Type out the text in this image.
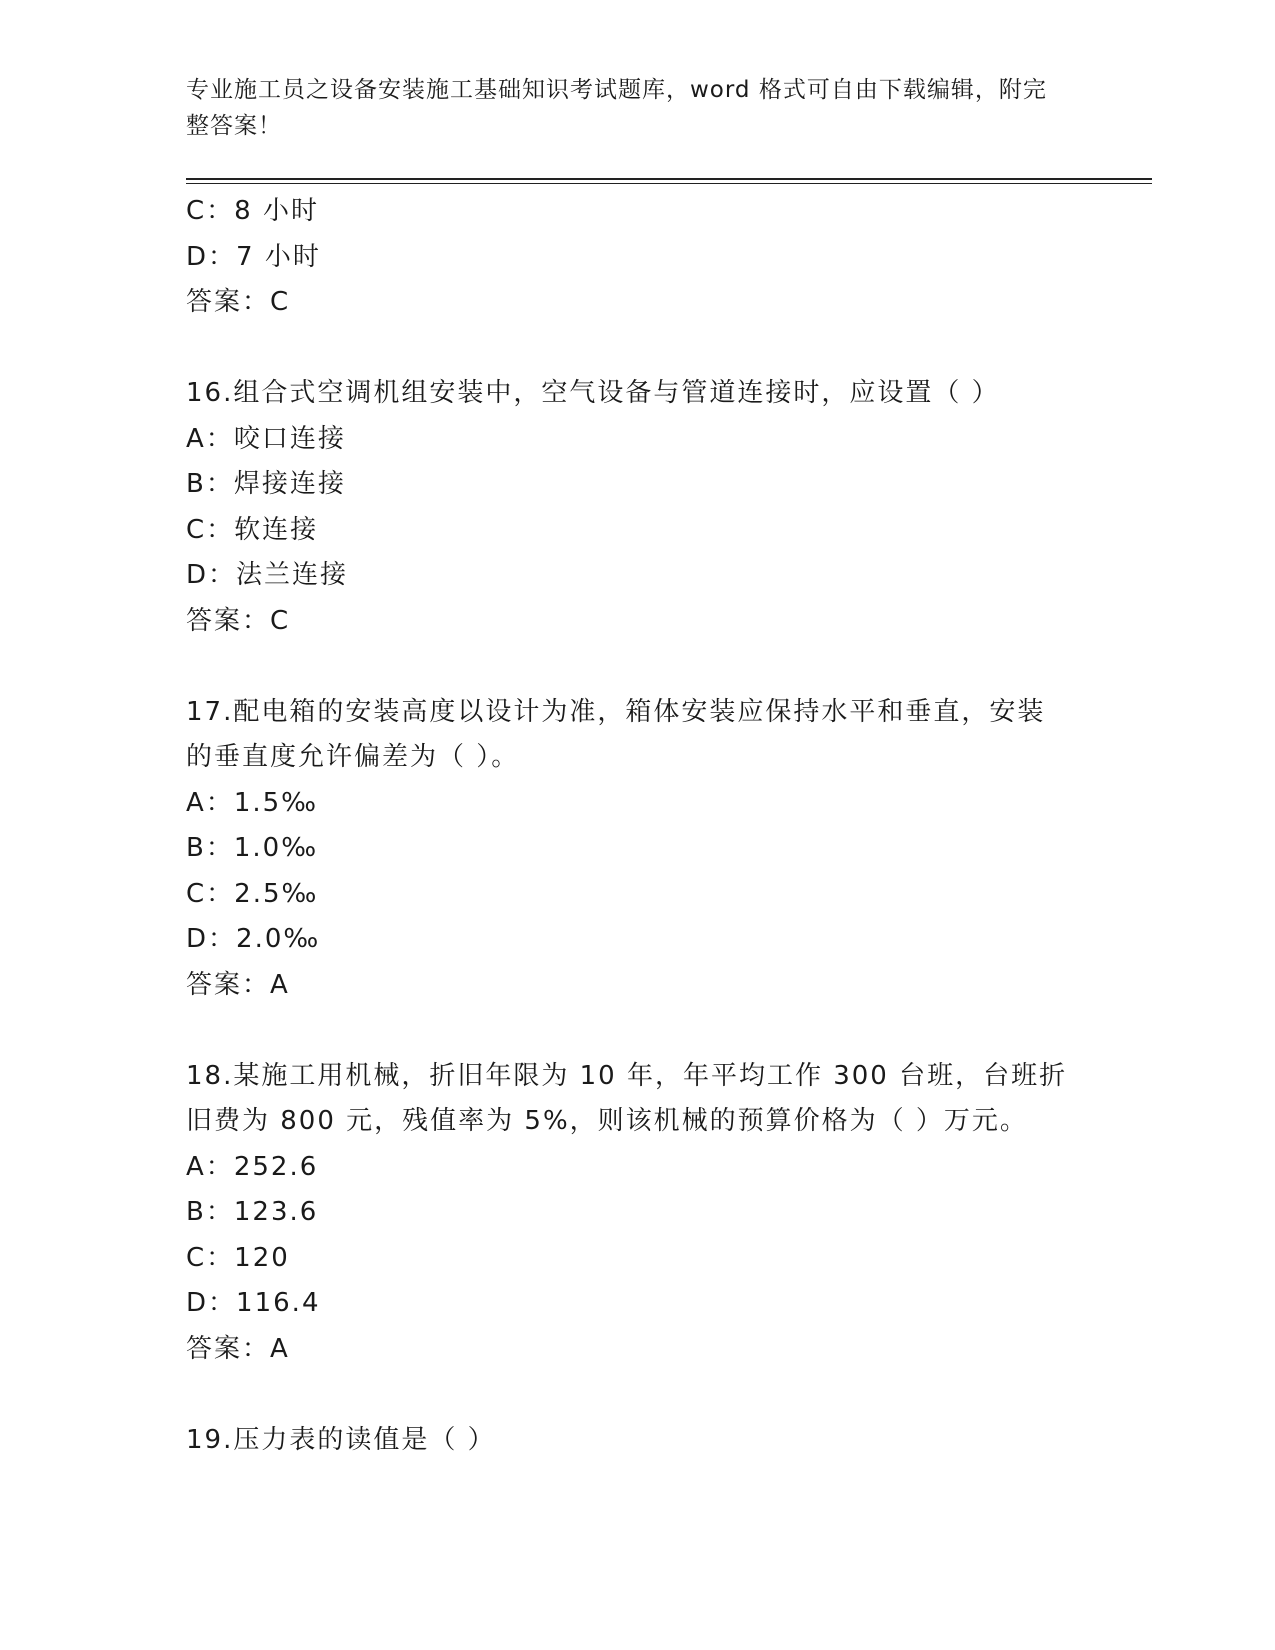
专业施工员之设备安装施工基础知识考试题库，word 格式可自由下载编辑，附完整答案！
C：8 小时
D：7 小时
答案：C
16.组合式空调机组安装中，空气设备与管道连接时，应设置（ ）
A：咬口连接
B：焊接连接
C：软连接
D：法兰连接
答案：C
17.配电箱的安装高度以设计为准，箱体安装应保持水平和垂直，安装
的垂直度允许偏差为（ ）。
A：1.5‰
B：1.0‰
C：2.5‰
D：2.0‰
答案：A
18.某施工用机械，折旧年限为 10 年，年平均工作 300 台班，台班折
旧费为 800 元，残值率为 5%，则该机械的预算价格为（ ）万元。
A：252.6
B：123.6
C：120
D：116.4
答案：A
19.压力表的读值是（ ）
